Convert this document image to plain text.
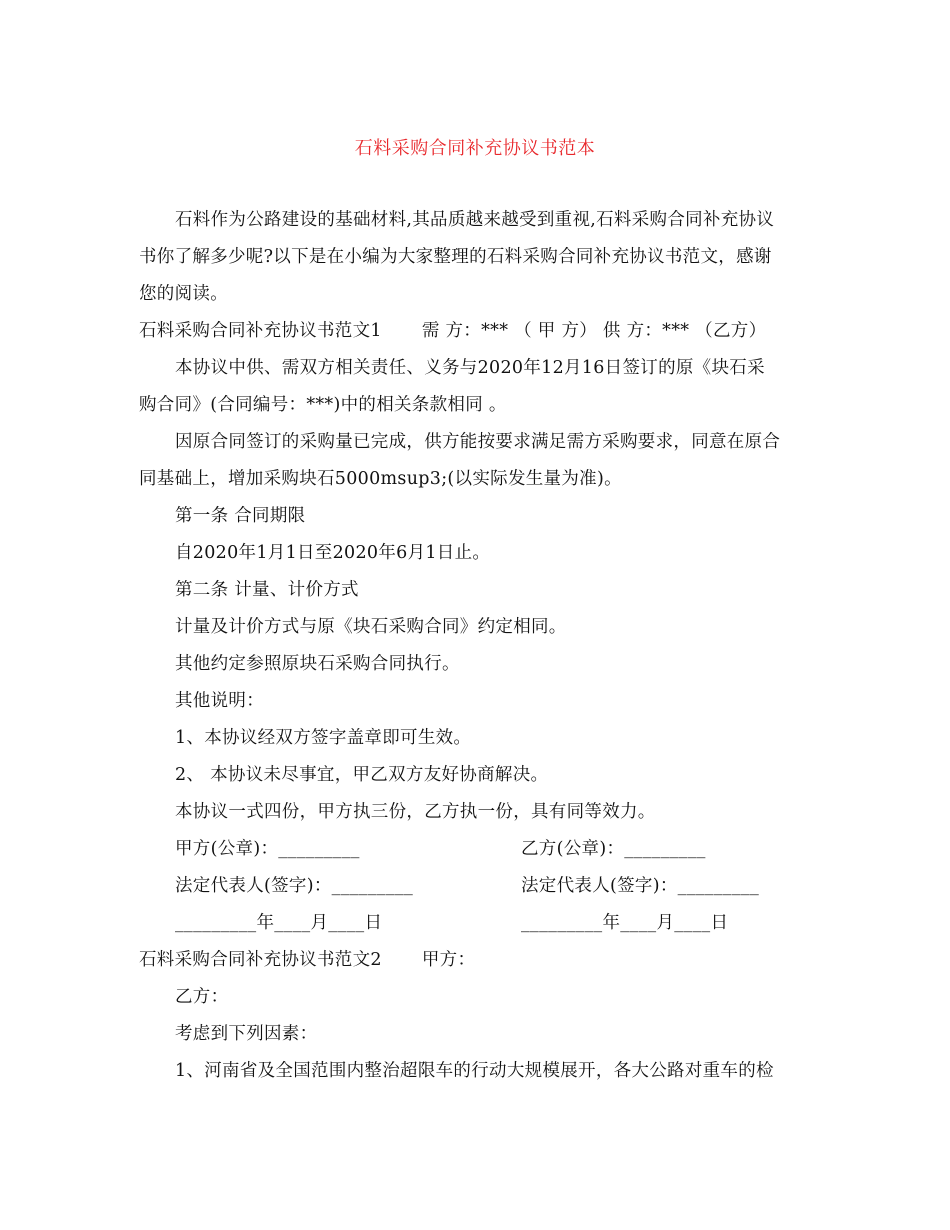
石料采购合同补充协议书范本
石料作为公路建设的基础材料,其品质越来越受到重视,石料采购合同补充协议
书你了解多少呢?以下是在小编为大家整理的石料采购合同补充协议书范文，感谢
您的阅读。
石料采购合同补充协议书范文1 需 方：*** （ 甲 方） 供 方：*** （乙方）
本协议中供、需双方相关责任、义务与2020年12月16日签订的原《块石采
购合同》(合同编号：***)中的相关条款相同 。
因原合同签订的采购量已完成，供方能按要求满足需方采购要求，同意在原合
同基础上，增加采购块石5000msup3;(以实际发生量为准)。
第一条 合同期限
自2020年1月1日至2020年6月1日止。
第二条 计量、计价方式
计量及计价方式与原《块石采购合同》约定相同。
其他约定参照原块石采购合同执行。
其他说明：
1、本协议经双方签字盖章即可生效。
2、 本协议未尽事宜，甲乙双方友好协商解决。
本协议一式四份，甲方执三份，乙方执一份，具有同等效力。
甲方(公章)：_________	乙方(公章)：_________
法定代表人(签字)：_________	法定代表人(签字)：_________
_________年____月____日	_________年____月____日
石料采购合同补充协议书范文2 甲方：
乙方：
考虑到下列因素：
1、河南省及全国范围内整治超限车的行动大规模展开，各大公路对重车的检
